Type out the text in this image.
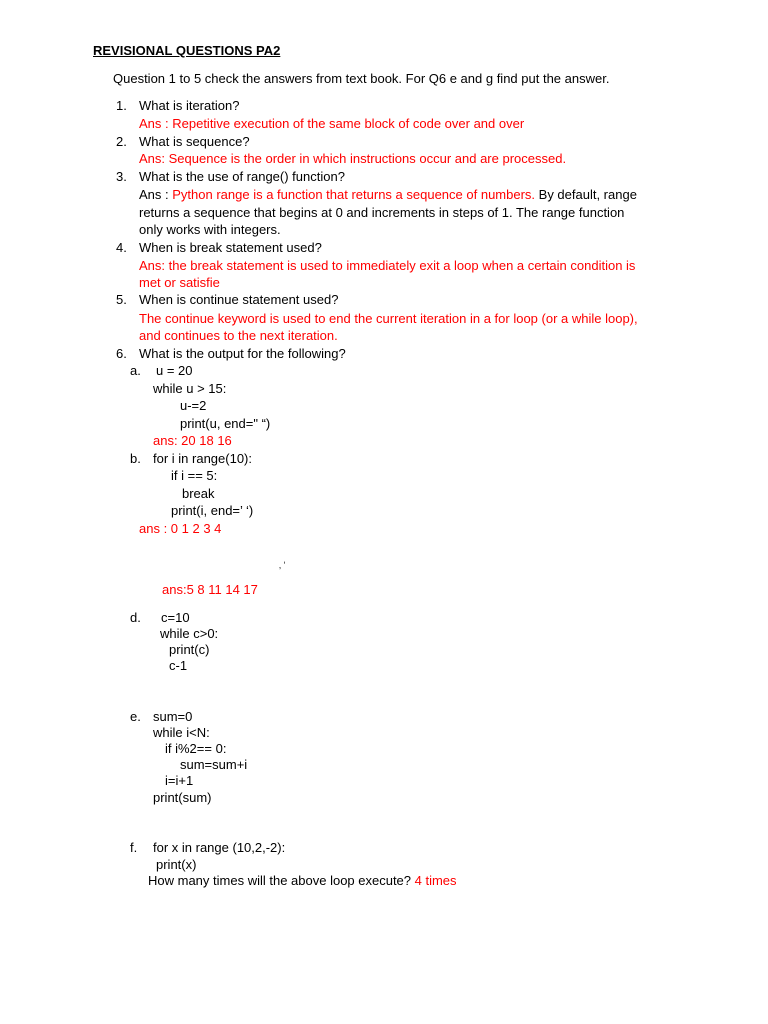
REVISIONAL QUESTIONS PA2
Question 1 to 5 check the answers from text book. For Q6 e and g find put the answer.
1. What is iteration?
Ans : Repetitive execution of the same block of code over and over
2. What is sequence?
Ans: Sequence is the order in which instructions occur and are processed.
3. What is the use of range() function?
Ans : Python range is a function that returns a sequence of numbers. By default, range
returns a sequence that begins at 0 and increments in steps of 1. The range function
only works with integers.
4. When is break statement used?
Ans: the break statement is used to immediately exit a loop when a certain condition is
met or satisfie
5. When is continue statement used?
The continue keyword is used to end the current iteration in a for loop (or a while loop),
and continues to the next iteration.
6. What is the output for the following?
a. u = 20
while u > 15:
u-=2
print(u, end=" “)
ans: 20 18 16
b. for i in range(10):
if i == 5:
break
print(i, end=’ ‘)
ans : 0 1 2 3 4
‚ ‘
ans:5 8 11 14 17
d. c=10
while c>0:
print(c)
c-1
e. sum=0
while i<N:
if i%2== 0:
sum=sum+i
i=i+1
print(sum)
f. for x in range (10,2,-2):
print(x)
How many times will the above loop execute? 4 times
